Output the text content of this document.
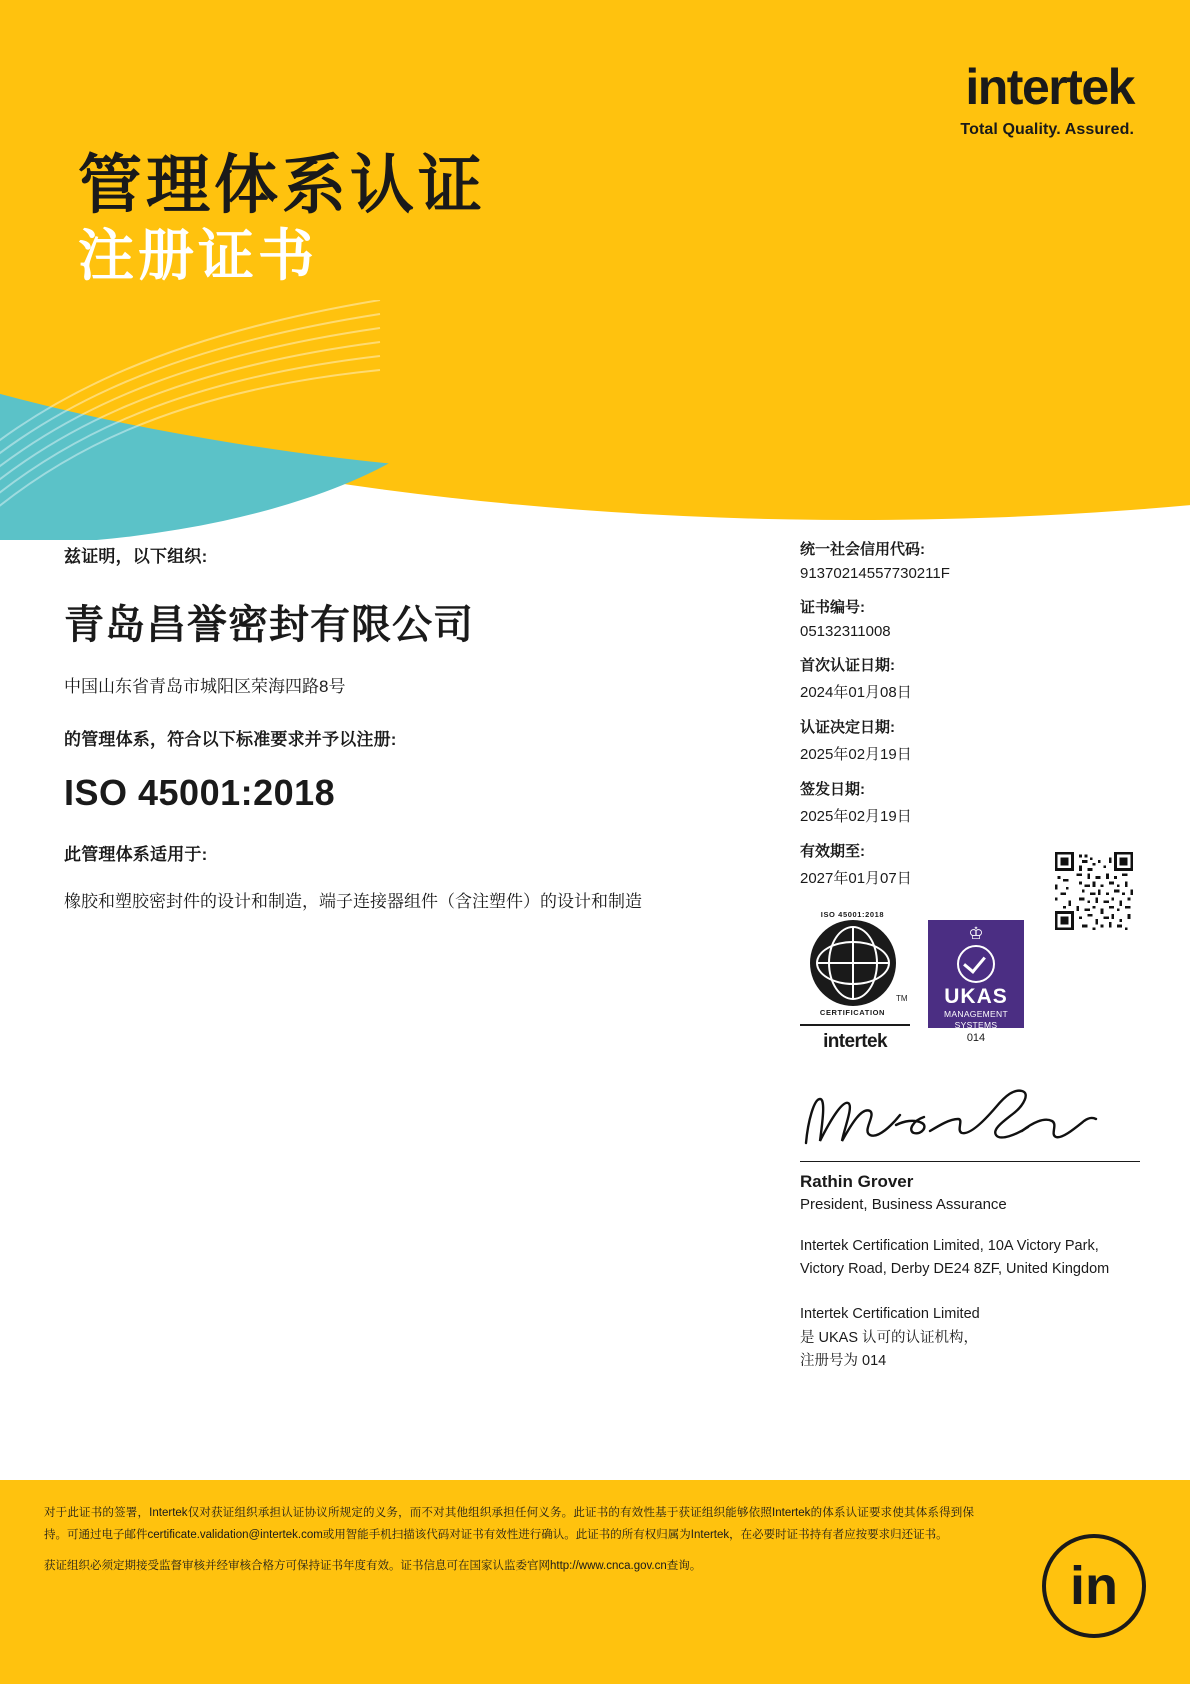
intertek
Total Quality. Assured.
管理体系认证
注册证书
兹证明，以下组织:
青岛昌誉密封有限公司
中国山东省青岛市城阳区荣海四路8号
的管理体系，符合以下标准要求并予以注册:
ISO 45001:2018
此管理体系适用于:
橡胶和塑胶密封件的设计和制造，端子连接器组件（含注塑件）的设计和制造
统一社会信用代码:
91370214557730211F
证书编号:
05132311008
首次认证日期:
2024年01月08日
认证决定日期:
2025年02月19日
签发日期:
2025年02月19日
有效期至:
2027年01月07日
ISO 45001:2018
CERTIFICATION
TM
intertek
♔
UKAS
MANAGEMENT
SYSTEMS
014
Rathin Grover
President, Business Assurance
Intertek Certification Limited, 10A Victory Park, Victory Road, Derby DE24 8ZF, United Kingdom
Intertek Certification Limited
是 UKAS 认可的认证机构，
注册号为 014

对于此证书的签署，Intertek仅对获证组织承担认证协议所规定的义务，而不对其他组织承担任何义务。此证书的有效性基于获证组织能够依照Intertek的体系认证要求使其体系得到保持。可通过电子邮件certificate.validation@intertek.com或用智能手机扫描该代码对证书有效性进行确认。此证书的所有权归属为Intertek，在必要时证书持有者应按要求归还证书。

获证组织必须定期接受监督审核并经审核合格方可保持证书年度有效。证书信息可在国家认监委官网http://www.cnca.gov.cn查询。	in
